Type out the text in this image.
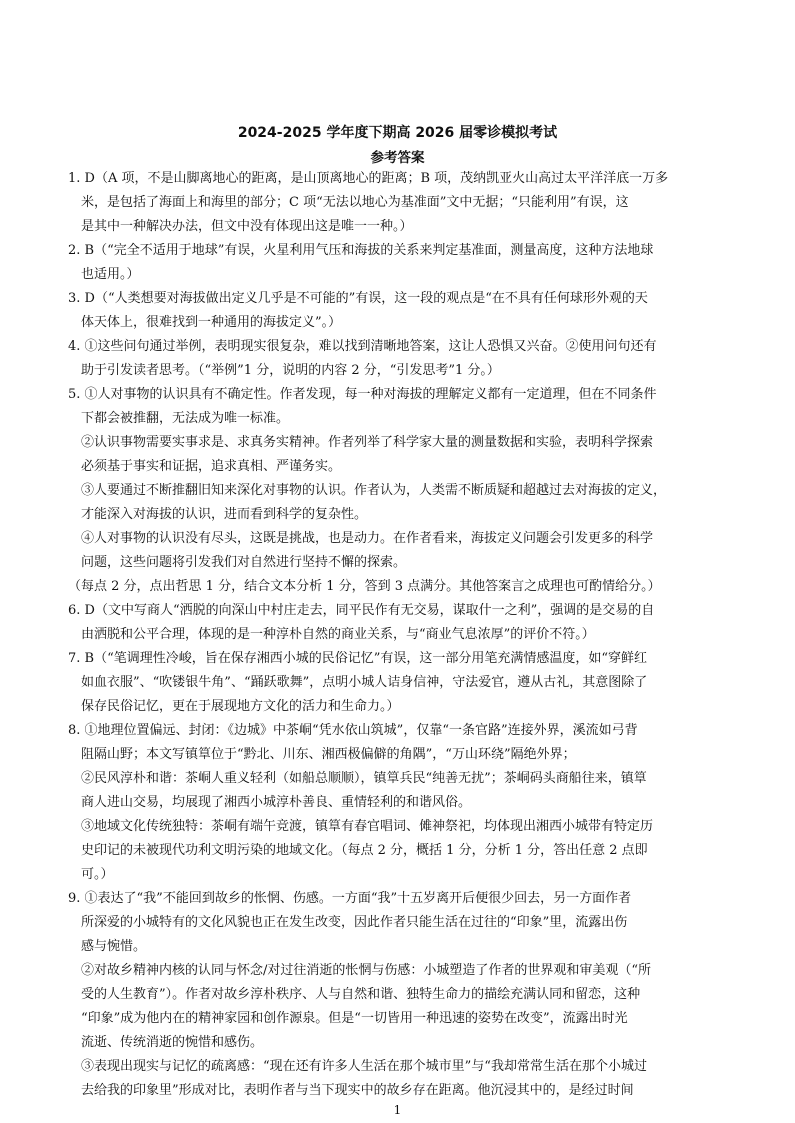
2024-2025 学年度下期高 2026 届零诊模拟考试
参考答案
1. D（A 项，不是山脚离地心的距离，是山顶离地心的距离；B 项，茂纳凯亚火山高过太平洋洋底一万多
米，是包括了海面上和海里的部分；C 项“无法以地心为基准面”文中无据；“只能利用”有误，这
是其中一种解决办法，但文中没有体现出这是唯一一种。）
2. B（“完全不适用于地球”有误，火星利用气压和海拔的关系来判定基准面，测量高度，这种方法地球
也适用。）
3. D（“人类想要对海拔做出定义几乎是不可能的”有误，这一段的观点是“在不具有任何球形外观的天
体天体上，很难找到一种通用的海拔定义”。）
4. ①这些问句通过举例，表明现实很复杂，难以找到清晰地答案，这让人恐惧又兴奋。②使用问句还有
助于引发读者思考。（“举例”1 分，说明的内容 2 分，“引发思考”1 分。）
5. ①人对事物的认识具有不确定性。作者发现，每一种对海拔的理解定义都有一定道理，但在不同条件
下都会被推翻，无法成为唯一标准。
②认识事物需要实事求是、求真务实精神。作者列举了科学家大量的测量数据和实验，表明科学探索
必须基于事实和证据，追求真相、严谨务实。
③人要通过不断推翻旧知来深化对事物的认识。作者认为，人类需不断质疑和超越过去对海拔的定义，
才能深入对海拔的认识，进而看到科学的复杂性。
④人对事物的认识没有尽头，这既是挑战，也是动力。在作者看来，海拔定义问题会引发更多的科学
问题，这些问题将引发我们对自然进行坚持不懈的探索。
（每点 2 分，点出哲思 1 分，结合文本分析 1 分，答到 3 点满分。其他答案言之成理也可酌情给分。）
6. D（文中写商人“洒脱的向深山中村庄走去，同平民作有无交易，谋取什一之利”，强调的是交易的自
由洒脱和公平合理，体现的是一种淳朴自然的商业关系，与“商业气息浓厚”的评价不符。）
7. B（“笔调理性冷峻，旨在保存湘西小城的民俗记忆”有误，这一部分用笔充满情感温度，如“穿鲜红
如血衣服”、“吹镂银牛角”、“踊跃歌舞”，点明小城人诘身信神，守法爱官，遵从古礼，其意图除了
保存民俗记忆，更在于展现地方文化的活力和生命力。）
8. ①地理位置偏远、封闭：《边城》中茶峒“凭水依山筑城”，仅靠“一条官路”连接外界，溪流如弓背
阻隔山野；本文写镇筸位于“黔北、川东、湘西极偏僻的角隅”，“万山环绕”隔绝外界；
②民风淳朴和谐：茶峒人重义轻利（如船总顺顺），镇筸兵民“纯善无扰”；茶峒码头商船往来，镇筸
商人进山交易，均展现了湘西小城淳朴善良、重情轻利的和谐风俗。
③地域文化传统独特：茶峒有端午竞渡，镇筸有春官唱词、傩神祭祀，均体现出湘西小城带有特定历
史印记的未被现代功利文明污染的地域文化。（每点 2 分，概括 1 分，分析 1 分，答出任意 2 点即
可。）
9. ①表达了“我”不能回到故乡的怅惘、伤感。一方面“我”十五岁离开后便很少回去，另一方面作者
所深爱的小城特有的文化风貌也正在发生改变，因此作者只能生活在过往的“印象”里，流露出伤
感与惋惜。
②对故乡精神内核的认同与怀念/对过往消逝的怅惘与伤感：小城塑造了作者的世界观和审美观（“所
受的人生教育”）。作者对故乡淳朴秩序、人与自然和谐、独特生命力的描绘充满认同和留恋，这种
“印象”成为他内在的精神家园和创作源泉。但是“一切皆用一种迅速的姿势在改变”，流露出时光
流逝、传统消逝的惋惜和感伤。
③表现出现实与记忆的疏离感：“现在还有许多人生活在那个城市里”与“我却常常生活在那个小城过
去给我的印象里”形成对比，表明作者与当下现实中的故乡存在距离。他沉浸其中的，是经过时间
1
